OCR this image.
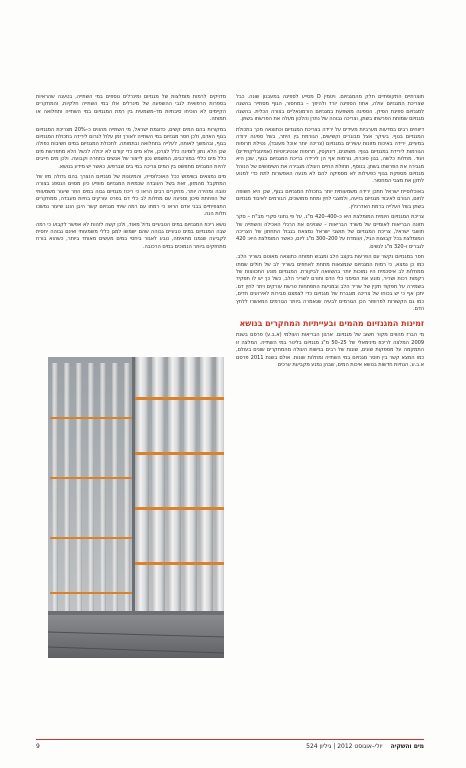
תוצרתיים התקופתיים חלק מהמגנזיום. ויטמין D מסייע לספיגה במעבנון שונה. כבל שצריכת המגנזיום עולה, אחוז הספיגה יורד ולהיפך – במחסור, הגוף מסתייר בהשגה למגנזיום ספיגת הסידן. הספיגה מושפעת במגנזיום הורמונאליים בצורה הכלית. בהשגה מגנזיום שמותת הפרשתו בשתן, וצריכה גבוהה של נתרן והלכון מעלה את הפרשתו בשתן.

דיווחים רבים במדעות מערביות מעידים על ירידה בצריכת המגנזיום וכתוצאה מכך בתכולת המגנזיום בגוף. בעיקר אצל מבוגרים וקשישים, הגורמת בין היתר, בשל ספיגה ירודה במעיים, ירידה באיכות מזונות עשירים במגנזיום (צריכה יותר אוכל מעובד), נטילת תרופות הגורמות לירידת במגנזיום בגוף: משתנים, דיגוקסין, תרופות אנטיביוטיות (אמינוגליקוזידים) ועוד. מחלות כלשה, בגון סוכרת, גורמות אף הן לירידה בריכוז המגנזיום בגוף, שכן היא מגבירה את הפרשתו בשתן. בנוסף, תחולת החיים העולה מגבירה את השימושים של הנוהל מגנזיום מספקת בגוף כפעילות לא מספיקה להם לא מנעה האפשרות לתת כדי למנוע לתקן את מצבי המחסור.

באוכלוסיית ישראל תתכן ירידה משמעותית יותר בתכולת המגנזיום בגוף, שכן היא חשופה לחום, הגורם לאיבוד מגנזיום בזיעה, ולמצבי לחץ ומתח ממושכים, הגורמים לאיבוד מגנזיום בשתן בשל העלייה ברמת האדרנלין.

צריכת המגנזיום היומית המומלצת היא כ–400–420 מ"ג. על פי נתוני סקרי מב"ת – סקר תזונה הבריאות לאומיים של משרד הבריאות – שצוינים את הרגלי האכילה והשתייה של תושבי ישראל, צריכת המגנזיום של תושבי ישראל נמצאת בגבול התחתון של הצריכה המומלצת בכל קבוצות הגיל, ועומדת על 200–300 מ"ג ליום, כאשר המומלצת היא: 420 לגברים ו–320 מ"ג לנשים.

חסר במגנזיום נקשר עם הפרעות בקצב הלב ומגבש תמותה כתוצאה מאוטם בשריר הלב. כמו כן נמצא, כי רמות המגנזיום שנמצאות מתחת לאחוזים בשריר לב של חולים שמתו ממחלות לב איסכמית היו נמוכות יותר בהשוואה לביקורת. המגנזיום מונע התכווצות של רקמות רכות ושריר, מונע את הסימני כלי הדם ותורם לשריר הלב, כשל כך יש לו תפקיד בשמירה על תפקוד תקין של שריר הלב ובמניעת התפתחות טרשת עורקים ויתר לחץ דם. יתכן אף כי יש בכוחו של צריכה מוגברת של מגנזיום כדי לצמצם סבירות לאירועים חדים, כמו גם הקשורות לפרופור הכן הגורמים לבעיה שנאמרה ביותר הגורמים המאשרו ללחץ הדם.

זמינות המגנזיום מהמים ובעייתיות המחקרים בנושא

מי הברז מהווים מקור חשוב של מגנזיום. ארגון הבריאות העולמי (א.ב.ע) פרסם בשנת 2009 המלצה לריכוז מינימאלי של 25–50 מ"ג מגנזיום בליטר במי השתייה. המלצה זו התמקמה על מספקות שונים, שונות של רבים בגישות העולה מהמחקרים שונים בעולם, כמו המצא קשר בין חוסר מגנזיום במי השתייה ומחלות שונות. אולם בשנת 2011 פרסם א.ב.ע. הנחיות חדשות בנושא איכות המים, שבהן נמנע מקביעת ערכים

מדויקים לרמות מומלצות של מגנזיום ומינרלים נוספים במי השתייה, בטענה שהראיות בספרות הרפואית לגבי ההשפעה של מינרלים אלו במי השתייה חלקיות, והמחקרים הקיימים לא הוכיחו סיבתיות מד–משמעית בין רמת המגנזיום במי השתייה ותחלואה או תמותה.

במקורות בהם המים קשים, כדוגמת ישראל, מי השתייה מהווים כ–20% מצריכת המגנזיום בגוף האדם, ולכן חסר מגנזיום במי השתייה לאורך זמן עלול לגרום לירידה בתכולת המגנזיום בגוף, ובהמשך לאותה, לעלייה בתחלואה ובתמותה. לתכולת המגנזיום במים חשיבות כפולה שכן הלא נתון לזמינה כלל לצרכן, אלא מים כדי קודם לא יכולה לכשל הלא מתפרשת מים כלל מים כללי במורכבים, המשמש נכון לייצור של אנשים בתחרה וקבועה. ולכן מים חייבים להיות המגנזים מתפשט בין המים צריכה במי בים שברפש, כאשר יש מידע בנושא.

מים נמצאים בשימוש ככל האוכלוסייה, והמינונות של מגנזיום הנצרך בהם גדולה מזו של המתקבל מהמזון, זאת בשל העובדה שכמויות המגנזיום מופיע כיון מסוים הנספג בצורה טובה ומהירה יותר. מחקרים רבים הראו כי ריכוז מגנזיום גבוה במים הוזר שיעור משמעותי של הפחתת סיכון ומניעה עם מחלות לב כלי דם בפרט עורקים בחיות מעבדה, ממחקרים התצפיתיים בבני אדם הראו כי רמתו עם רמה שיתי מגנזיום קשר היבן הונג שיעור נמשכו תלות הנה.

נושא ריכוז המגנזיום במים הטבעיים גדול מאוד, ולכן קשה לזהות לא אפשר לקבוע כי רמה שבה המגנזיום במים טבעיים גבוהה שהם ישמשו למגן כללי משמעותי ואינם גבוהה יחסית לקביעה שנמנו מתאימה, נובע לאגור ביחסי במים מעשים מאוחד ביותר, כשהוא בורח מתחזקים ביותר הנמוכים במים הרכובה.

מים והשקיה יולי–אוגוסט 2012 | גיליון 524
9
